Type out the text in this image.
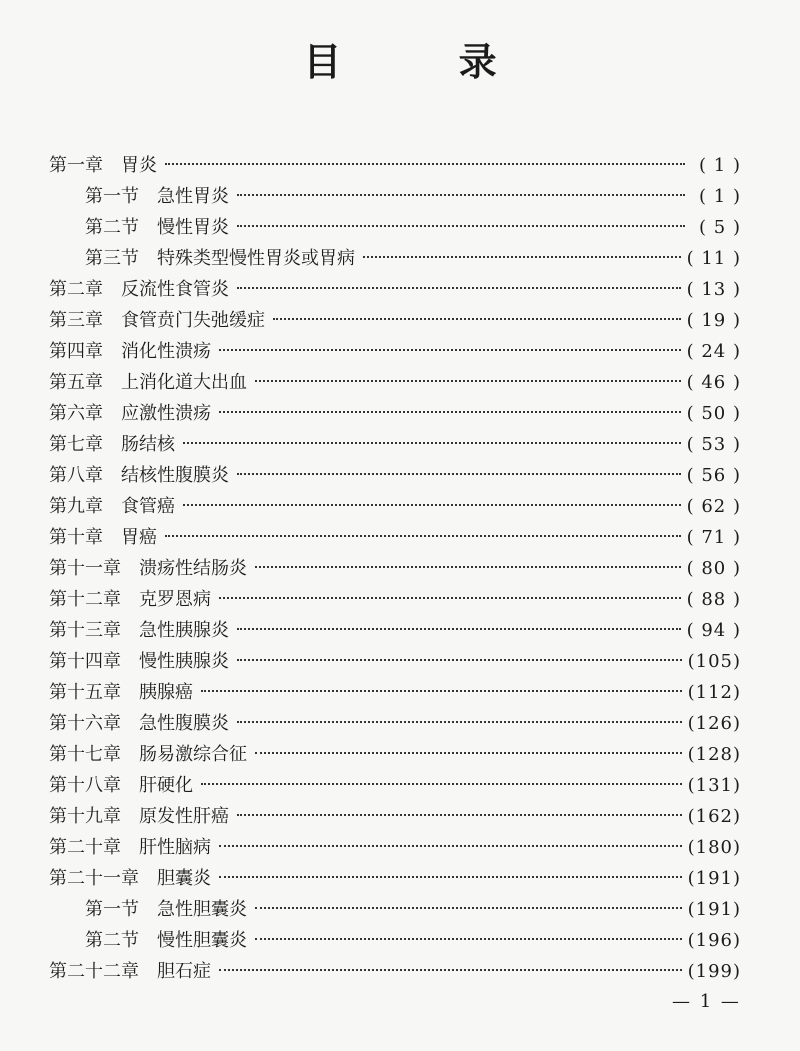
目 录
第一章 胃炎	( 1 )
第一节 急性胃炎	( 1 )
第二节 慢性胃炎	( 5 )
第三节 特殊类型慢性胃炎或胃病	( 11 )
第二章 反流性食管炎	( 13 )
第三章 食管贲门失弛缓症	( 19 )
第四章 消化性溃疡	( 24 )
第五章 上消化道大出血	( 46 )
第六章 应激性溃疡	( 50 )
第七章 肠结核	( 53 )
第八章 结核性腹膜炎	( 56 )
第九章 食管癌	( 62 )
第十章 胃癌	( 71 )
第十一章 溃疡性结肠炎	( 80 )
第十二章 克罗恩病	( 88 )
第十三章 急性胰腺炎	( 94 )
第十四章 慢性胰腺炎	(105)
第十五章 胰腺癌	(112)
第十六章 急性腹膜炎	(126)
第十七章 肠易激综合征	(128)
第十八章 肝硬化	(131)
第十九章 原发性肝癌	(162)
第二十章 肝性脑病	(180)
第二十一章 胆囊炎	(191)
第一节 急性胆囊炎	(191)
第二节 慢性胆囊炎	(196)
第二十二章 胆石症	(199)
— 1 —
